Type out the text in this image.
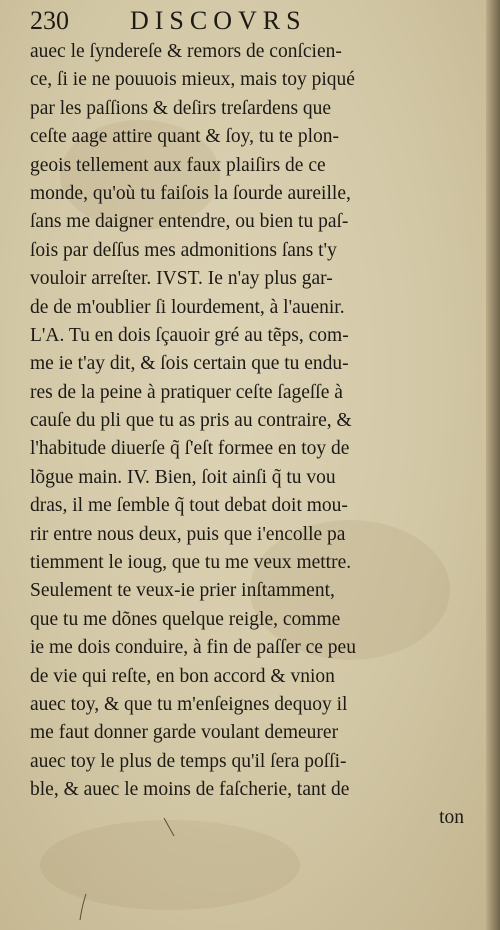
230 DISCOVRS
auec le ſyndereſe & remors de conſcien-
ce, ſi ie ne pouuois mieux, mais toy piqué
par les paſſions & deſirs treſardens que
ceſte aage attire quant & ſoy, tu te plon-
geois tellement aux faux plaiſirs de ce
monde, qu'où tu faiſois la ſourde aureille,
ſans me daigner entendre, ou bien tu paſ-
ſois par deſſus mes admonitions ſans t'y
vouloir arreſter. IVST. Ie n'ay plus gar-
de de m'oublier ſi lourdement, à l'auenir.
L'A. Tu en dois ſçauoir gré au tẽps, com-
me ie t'ay dit, & ſois certain que tu endu-
res de la peine à pratiquer ceſte ſageſſe à
cauſe du pli que tu as pris au contraire, &
l'habitude diuerſe q̃ ſ'eſt formee en toy de
lõgue main. IV. Bien, ſoit ainſi q̃ tu vou
dras, il me ſemble q̃ tout debat doit mou-
rir entre nous deux, puis que i'encolle pa
tiemment le ioug, que tu me veux mettre.
Seulement te veux-ie prier inſtamment,
que tu me dõnes quelque reigle, comme
ie me dois conduire, à fin de paſſer ce peu
de vie qui reſte, en bon accord & vnion
auec toy, & que tu m'enſeignes dequoy il
me faut donner garde voulant demeurer
auec toy le plus de temps qu'il ſera poſſi-
ble, & auec le moins de faſcherie, tant de
ton
